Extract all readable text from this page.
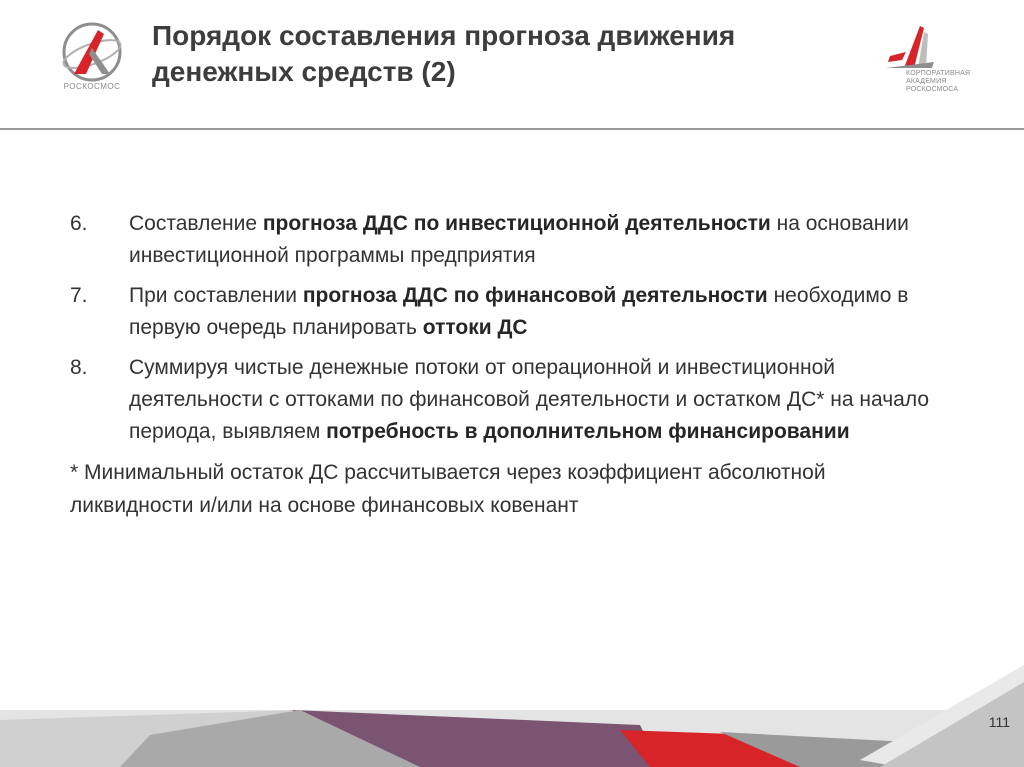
РОСКОСМОС
Порядок составления прогноза движения
денежных средств (2)	КОРПОРАТИВНАЯ
АКАДЕМИЯ
РОСКОСМОСА
6. Составление прогноза ДДС по инвестиционной деятельности на основании инвестиционной программы предприятия
7. При составлении прогноза ДДС по финансовой деятельности необходимо в первую очередь планировать оттоки ДС
8. Суммируя чистые денежные потоки от операционной и инвестиционной деятельности с оттоками по финансовой деятельности и остатком ДС* на начало периода, выявляем потребность в дополнительном финансировании
* Минимальный остаток ДС рассчитывается через коэффициент абсолютной ликвидности и/или на основе финансовых ковенант
111
